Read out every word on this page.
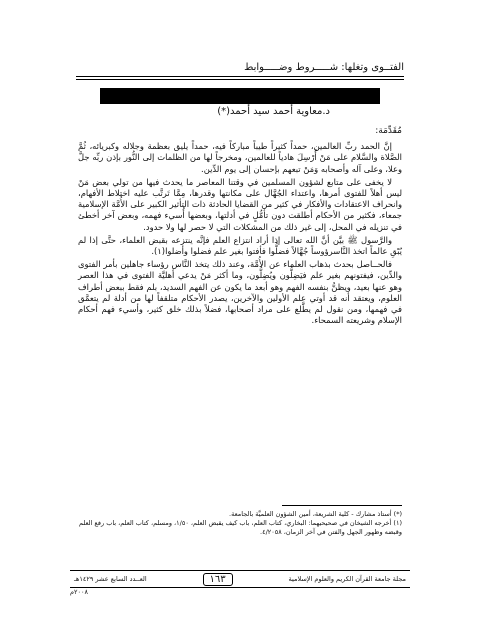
الفتــوى وتغلها: شـــــروط وضـــــوابط
د.معاوية أحمد سيد أحمد(*)

مُقَدِّمَة:

إنَّ الحمد ربِّ العالمين، حمداً كثيراً طيباً مباركاً فيه، حمداً يليق بعظمة وجلاله وكبريائه، ثُمَّ الصَّلاة والسَّلام على مَنْ أُرْسِلَ هادياً للعالمين، ومخرجاً لها من الظلمات إلى النُّور بإذن ربِّه جلَّ وعلا، وعلى آله وأصحابه وَمَنْ تبعهم بإحسان إلى يوم الدِّين.

لا يخفى على متابع لشؤون المسلمين في وقتنا المعاصر ما يحدث فيها من تولي بعض مَنْ ليس أهلاً للفتوى أمرها، واعتداء الجُهَّال على مكانتها وقدرها، مِمَّا تَرتَّب عليه اختلاط الأفهام، وانحراف الاعتقادات والأفكار في كثير من القضايا الحادثة ذات التأثير الكبير على الأُمَّة الإسلامية جمعاء، فكثير من الأحكام أطلقت دون تأمُّلٍ في أدلتها، وبعضها أُسيء فهمه، وبعض آخر أخطئ في تنزيله في المحل، إلى غير ذلك من المشكلات التي لا حصر لها ولا حدود.

والرَّسول ﷺ بيَّن أنَّ الله تعالى إذا أراد انتزاع العلم فإنَّه ينتزعه بقبض العلماء، حتَّى إذا لم يُبْقِ عالماً اتخذ النَّاسرؤوساً جُهَّالاً فضلُّوا فأفتوا بغير علم فضلوا وأضلوا(١).

فالحــاصل بحدث بذهاب العلماء عن الأُمَّة، وعند ذلك يتخذ النَّاس رؤساء جاهلين بأمر الفتوى والدِّين، فيفتونهم بغير علم فيَضِلُّون ويُضِلُّون، وما أكثر مَنْ يدعي أهليَّة الفتوى في هذا العصر وهو عنها بعيد، ويظنُّ بنفسه الفهم وهو أبعد ما يكون عن الفهم السديد، بلم فقط ببعض أطراف العلوم، ويعتقد أنه قد أوتي علم الأولين والآخرين، يصدر الأحكام متلقفاً لها من أدلة لم يتعمَّق في فهمها، ومن نقول لم يطَّلع على مراد أصحابها، فضلاً بذلك خلق كثير، وأسيء فهم أحكام الإسلام وشريعته السمحاء.

(*) أستاذ مشارك - كلية الشريعة، أمين الشؤون العلميَّة بالجامعة.
(١) أخرجه الشيخان في صحيحيهما: البخاري، كتاب العلم، باب كيف يقبض العلم، ١/٥٠، ومسلم، كتاب العلم، باب رفع العلم وقبضه وظهور الجهل والفتن في آخر الزمان، ٤/٢٠٥٨.
مجلة جامعة القرآن الكريم والعلوم الإسلامية
١٦٣
العــدد السابع عشر ١٤٢٩هـ
٢٠٠٨م
